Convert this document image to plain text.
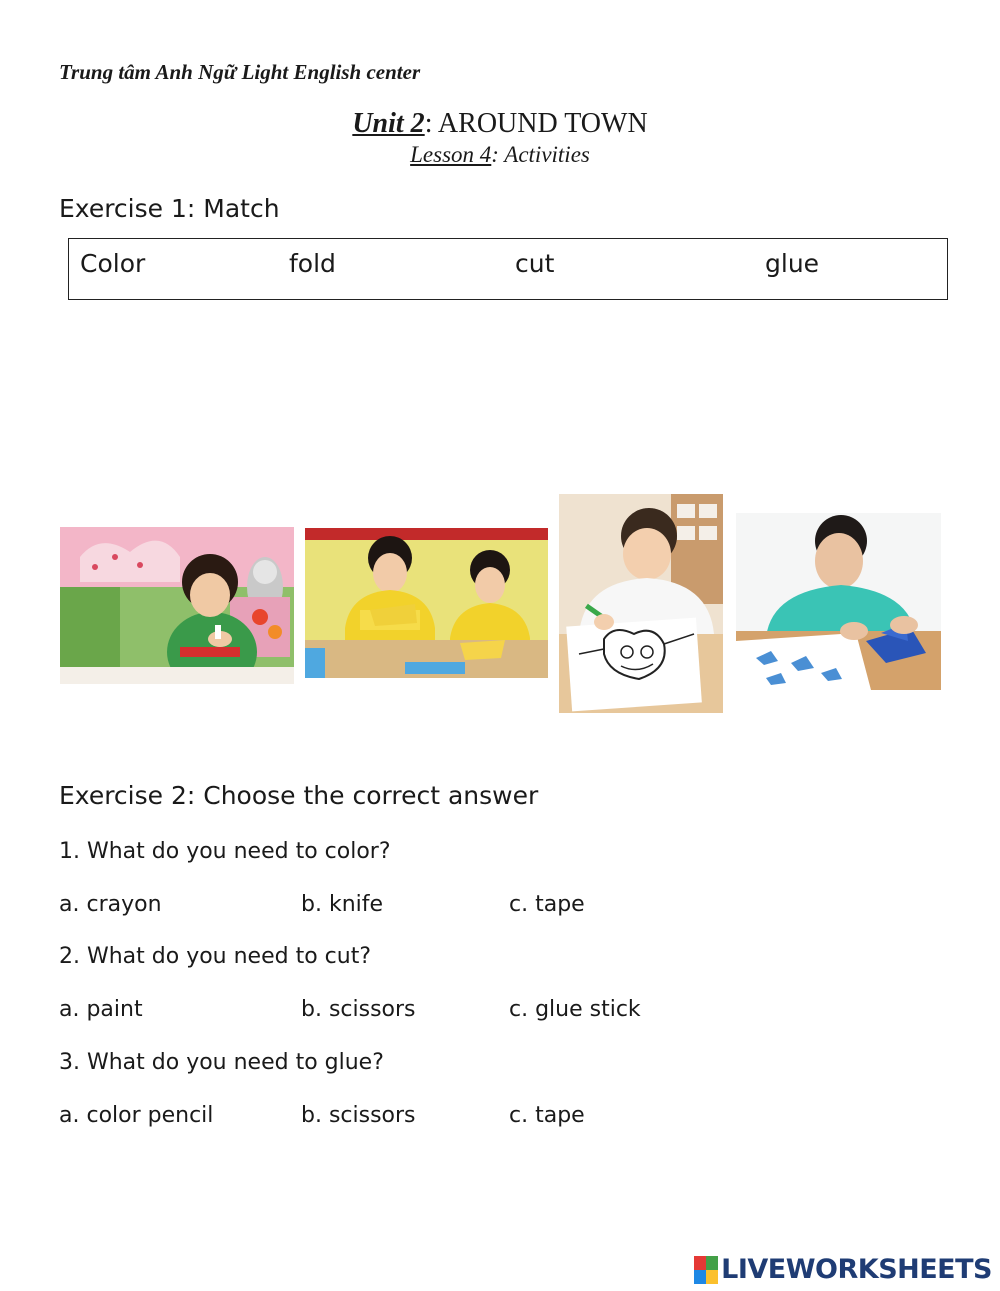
Trung tâm Anh Ngữ Light English center
Unit 2: AROUND TOWN
Lesson 4: Activities
Exercise 1: Match
Color	fold	cut	glue
Exercise 2: Choose the correct answer
1. What do you need to color?
a. crayon	b. knife	c. tape
2. What do you need to cut?
a. paint	b. scissors	c. glue stick
3. What do you need to glue?
a. color pencil	b. scissors	c. tape
LIVEWORKSHEETS
